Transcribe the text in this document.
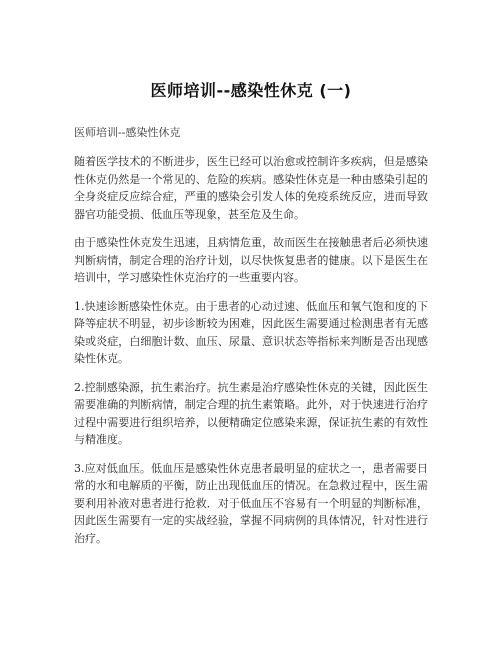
医师培训--感染性休克 (一)
医师培训--感染性休克

随着医学技术的不断进步，医生已经可以治愈或控制许多疾病，但是感染性休克仍然是一个常见的、危险的疾病。感染性休克是一种由感染引起的全身炎症反应综合症，严重的感染会引发人体的免疫系统反应，进而导致器官功能受损、低血压等现象，甚至危及生命。

由于感染性休克发生迅速，且病情危重，故而医生在接触患者后必须快速判断病情，制定合理的治疗计划，以尽快恢复患者的健康。以下是医生在培训中，学习感染性休克治疗的一些重要内容。

1.快速诊断感染性休克。由于患者的心动过速、低血压和氧气饱和度的下降等症状不明显，初步诊断较为困难，因此医生需要通过检测患者有无感染或炎症，白细胞计数、血压、尿量、意识状态等指标来判断是否出现感染性休克。

2.控制感染源，抗生素治疗。抗生素是治疗感染性休克的关键，因此医生需要准确的判断病情，制定合理的抗生素策略。此外，对于快速进行治疗过程中需要进行组织培养，以便精确定位感染来源，保证抗生素的有效性与精准度。

3.应对低血压。低血压是感染性休克患者最明显的症状之一，患者需要日常的水和电解质的平衡，防止出现低血压的情况。在急救过程中，医生需要利用补液对患者进行抢救．对于低血压不容易有一个明显的判断标准，因此医生需要有一定的实战经验，掌握不同病例的具体情况，针对性进行治疗。
